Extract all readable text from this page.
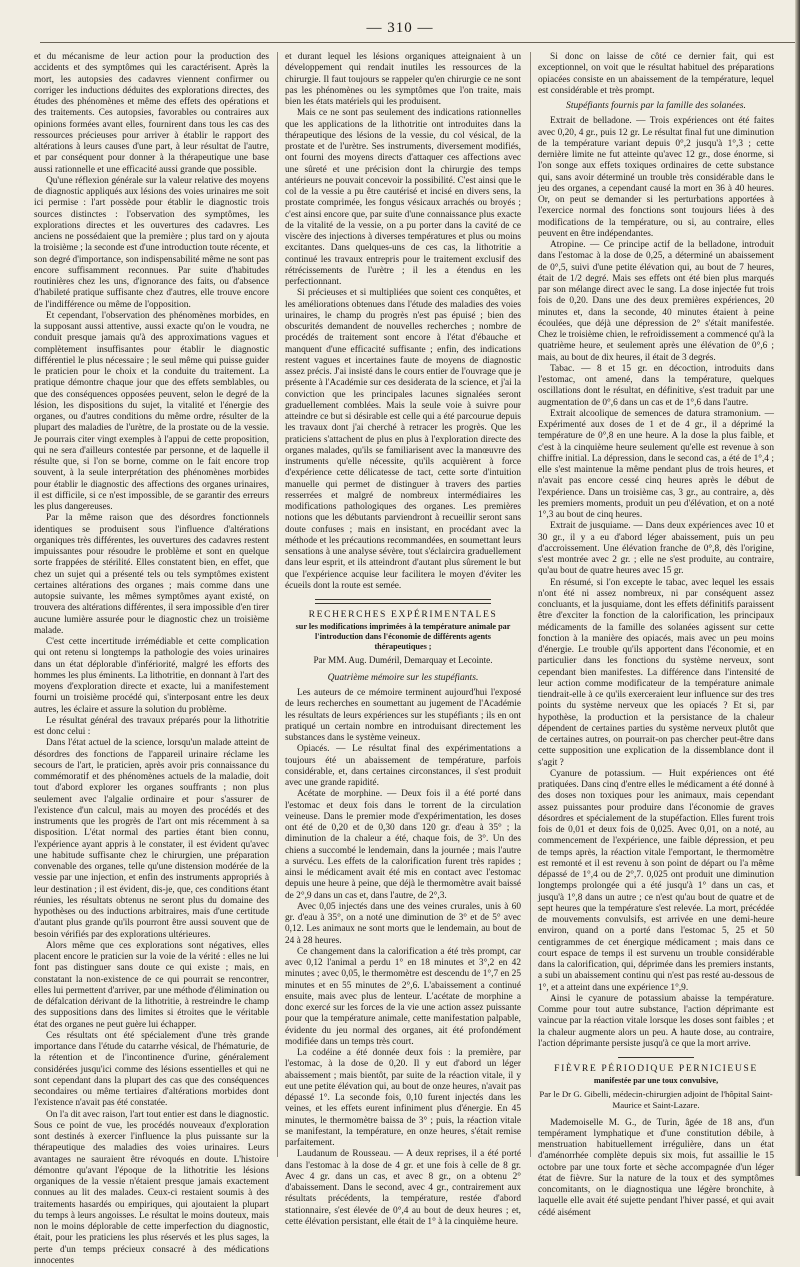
— 310 —

et du mécanisme de leur action pour la production des accidents et des symptômes qui les caractérisent. Après la mort, les autopsies des cadavres viennent confirmer ou corriger les inductions déduites des explorations directes, des études des phénomènes et même des effets des opérations et des traitements. Ces autopsies, favorables ou contraires aux opinions formées avant elles, fournirent dans tous les cas des ressources précieuses pour arriver à établir le rapport des altérations à leurs causes d'une part, à leur résultat de l'autre, et par conséquent pour donner à la thérapeutique une base aussi rationnelle et une efficacité aussi grande que possible.

Qu'une réflexion générale sur la valeur relative des moyens de diagnostic appliqués aux lésions des voies urinaires me soit ici permise : l'art possède pour établir le diagnostic trois sources distinctes : l'observation des symptômes, les explorations directes et les ouvertures des cadavres. Les anciens ne possédaient que la première ; plus tard on y ajouta la troisième ; la seconde est d'une introduction toute récente, et son degré d'importance, son indispensabilité même ne sont pas encore suffisamment reconnues. Par suite d'habitudes routinières chez les uns, d'ignorance des faits, ou d'absence d'habileté pratique suffisante chez d'autres, elle trouve encore de l'indifférence ou même de l'opposition.

Et cependant, l'observation des phénomènes morbides, en la supposant aussi attentive, aussi exacte qu'on le voudra, ne conduit presque jamais qu'à des approximations vagues et complètement insuffisantes pour établir le diagnostic différentiel le plus nécessaire ; le seul même qui puisse guider le praticien pour le choix et la conduite du traitement. La pratique démontre chaque jour que des effets semblables, ou que des conséquences opposées peuvent, selon le degré de la lésion, les dispositions du sujet, la vitalité et l'énergie des organes, ou d'autres conditions du même ordre, résulter de la plupart des maladies de l'urètre, de la prostate ou de la vessie. Je pourrais citer vingt exemples à l'appui de cette proposition, qui ne sera d'ailleurs contestée par personne, et de laquelle il résulte que, si l'on se borne, comme on le fait encore trop souvent, à la seule interprétation des phénomènes morbides pour établir le diagnostic des affections des organes urinaires, il est difficile, si ce n'est impossible, de se garantir des erreurs les plus dangereuses.

Par la même raison que des désordres fonctionnels identiques se produisent sous l'influence d'altérations organiques très différentes, les ouvertures des cadavres restent impuissantes pour résoudre le problème et sont en quelque sorte frappées de stérilité. Elles constatent bien, en effet, que chez un sujet qui a présenté tels ou tels symptômes existent certaines altérations des organes ; mais comme dans une autopsie suivante, les mêmes symptômes ayant existé, on trouvera des altérations différentes, il sera impossible d'en tirer aucune lumière assurée pour le diagnostic chez un troisième malade.

C'est cette incertitude irrémédiable et cette complication qui ont retenu si longtemps la pathologie des voies urinaires dans un état déplorable d'infériorité, malgré les efforts des hommes les plus éminents. La lithotritie, en donnant à l'art des moyens d'exploration directe et exacte, lui a manifestement fourni un troisième procédé qui, s'interposant entre les deux autres, les éclaire et assure la solution du problème.

Le résultat général des travaux préparés pour la lithotritie est donc celui :

Dans l'état actuel de la science, lorsqu'un malade atteint de désordres des fonctions de l'appareil urinaire réclame les secours de l'art, le praticien, après avoir pris connaissance du commémoratif et des phénomènes actuels de la maladie, doit tout d'abord explorer les organes souffrants ; non plus seulement avec l'algalie ordinaire et pour s'assurer de l'existence d'un calcul, mais au moyen des procédés et des instruments que les progrès de l'art ont mis récemment à sa disposition. L'état normal des parties étant bien connu, l'expérience ayant appris à le constater, il est évident qu'avec une habitude suffisante chez le chirurgien, une préparation convenable des organes, telle qu'une distension modérée de la vessie par une injection, et enfin des instruments appropriés à leur destination ; il est évident, dis-je, que, ces conditions étant réunies, les résultats obtenus ne seront plus du domaine des hypothèses ou des inductions arbitraires, mais d'une certitude d'autant plus grande qu'ils pourront être aussi souvent que de besoin vérifiés par des explorations ultérieures.

Alors même que ces explorations sont négatives, elles placent encore le praticien sur la voie de la vérité : elles ne lui font pas distinguer sans doute ce qui existe ; mais, en constatant la non-existence de ce qui pourrait se rencontrer, elles lui permettent d'arriver, par une méthode d'élimination ou de défalcation dérivant de la lithotritie, à restreindre le champ des suppositions dans des limites si étroites que le véritable état des organes ne peut guère lui échapper.

Ces résultats ont été spécialement d'une très grande importance dans l'étude du catarrhe vésical, de l'hématurie, de la rétention et de l'incontinence d'urine, généralement considérées jusqu'ici comme des lésions essentielles et qui ne sont cependant dans la plupart des cas que des conséquences secondaires ou même tertiaires d'altérations morbides dont l'existence n'avait pas été constatée.

On l'a dit avec raison, l'art tout entier est dans le diagnostic. Sous ce point de vue, les procédés nouveaux d'exploration sont destinés à exercer l'influence la plus puissante sur la thérapeutique des maladies des voies urinaires. Leurs avantages ne sauraient être révoqués en doute. L'histoire démontre qu'avant l'époque de la lithotritie les lésions organiques de la vessie n'étaient presque jamais exactement connues au lit des malades. Ceux-ci restaient soumis à des traitements hasardés ou empiriques, qui ajoutaient la plupart du temps à leurs angoisses. Le résultat le moins douteux, mais non le moins déplorable de cette imperfection du diagnostic, était, pour les praticiens les plus réservés et les plus sages, la perte d'un temps précieux consacré à des médications innocentes

et durant lequel les lésions organiques atteignaient à un développement qui rendait inutiles les ressources de la chirurgie. Il faut toujours se rappeler qu'en chirurgie ce ne sont pas les phénomènes ou les symptômes que l'on traite, mais bien les états matériels qui les produisent.

Mais ce ne sont pas seulement des indications rationnelles que les applications de la lithotritie ont introduites dans la thérapeutique des lésions de la vessie, du col vésical, de la prostate et de l'urètre. Ses instruments, diversement modifiés, ont fourni des moyens directs d'attaquer ces affections avec une sûreté et une précision dont la chirurgie des temps antérieurs ne pouvait concevoir la possibilité. C'est ainsi que le col de la vessie a pu être cautérisé et incisé en divers sens, la prostate comprimée, les fongus vésicaux arrachés ou broyés ; c'est ainsi encore que, par suite d'une connaissance plus exacte de la vitalité de la vessie, on a pu porter dans la cavité de ce viscère des injections à diverses températures et plus ou moins excitantes. Dans quelques-uns de ces cas, la lithotritie a continué les travaux entrepris pour le traitement exclusif des rétrécissements de l'urètre ; il les a étendus en les perfectionnant.

Si précieuses et si multipliées que soient ces conquêtes, et les améliorations obtenues dans l'étude des maladies des voies urinaires, le champ du progrès n'est pas épuisé ; bien des obscurités demandent de nouvelles recherches ; nombre de procédés de traitement sont encore à l'état d'ébauche et manquent d'une efficacité suffisante ; enfin, des indications restent vagues et incertaines faute de moyens de diagnostic assez précis. J'ai insisté dans le cours entier de l'ouvrage que je présente à l'Académie sur ces desiderata de la science, et j'ai la conviction que les principales lacunes signalées seront graduellement comblées. Mais la seule voie à suivre pour atteindre ce but si désirable est celle qui a été parcourue depuis les travaux dont j'ai cherché à retracer les progrès. Que les praticiens s'attachent de plus en plus à l'exploration directe des organes malades, qu'ils se familiarisent avec la manœuvre des instruments qu'elle nécessite, qu'ils acquièrent à force d'expérience cette délicatesse de tact, cette sorte d'intuition manuelle qui permet de distinguer à travers des parties resserrées et malgré de nombreux intermédiaires les modifications pathologiques des organes. Les premières notions que les débutants parviendront à recueillir seront sans doute confuses ; mais en insistant, en procédant avec la méthode et les précautions recommandées, en soumettant leurs sensations à une analyse sévère, tout s'éclaircira graduellement dans leur esprit, et ils atteindront d'autant plus sûrement le but que l'expérience acquise leur facilitera le moyen d'éviter les écueils dont la route est semée.

RECHERCHES EXPÉRIMENTALES
sur les modifications imprimées à la température animale par l'introduction dans l'économie de différents agents thérapeutiques ;
Par MM. Aug. Duméril, Demarquay et Lecointe.
Quatrième mémoire sur les stupéfiants.

Les auteurs de ce mémoire terminent aujourd'hui l'exposé de leurs recherches en soumettant au jugement de l'Académie les résultats de leurs expériences sur les stupéfiants ; ils en ont pratiqué un certain nombre en introduisant directement les substances dans le système veineux.

Opiacés. — Le résultat final des expérimentations a toujours été un abaissement de température, parfois considérable, et, dans certaines circonstances, il s'est produit avec une grande rapidité.

Acétate de morphine. — Deux fois il a été porté dans l'estomac et deux fois dans le torrent de la circulation veineuse. Dans le premier mode d'expérimentation, les doses ont été de 0,20 et de 0,30 dans 120 gr. d'eau à 35° ; la diminution de la chaleur a été, chaque fois, de 3°. Un des chiens a succombé le lendemain, dans la journée ; mais l'autre a survécu. Les effets de la calorification furent très rapides ; ainsi le médicament avait été mis en contact avec l'estomac depuis une heure à peine, que déjà le thermomètre avait baissé de 2°,9 dans un cas et, dans l'autre, de 2°,3.

Avec 0,05 injectés dans une des veines crurales, unis à 60 gr. d'eau à 35°, on a noté une diminution de 3° et de 5° avec 0,12. Les animaux ne sont morts que le lendemain, au bout de 24 à 28 heures.

Ce changement dans la calorification a été très prompt, car avec 0,12 l'animal a perdu 1° en 18 minutes et 3°,2 en 42 minutes ; avec 0,05, le thermomètre est descendu de 1°,7 en 25 minutes et en 55 minutes de 2°,6. L'abaissement a continué ensuite, mais avec plus de lenteur. L'acétate de morphine a donc exercé sur les forces de la vie une action assez puissante pour que la température animale, cette manifestation palpable, évidente du jeu normal des organes, ait été profondément modifiée dans un temps très court.

La codéine a été donnée deux fois : la première, par l'estomac, à la dose de 0,20. Il y eut d'abord un léger abaissement ; mais bientôt, par suite de la réaction vitale, il y eut une petite élévation qui, au bout de onze heures, n'avait pas dépassé 1°. La seconde fois, 0,10 furent injectés dans les veines, et les effets eurent infiniment plus d'énergie. En 45 minutes, le thermomètre baissa de 3° ; puis, la réaction vitale se manifestant, la température, en onze heures, s'était remise parfaitement.

Laudanum de Rousseau. — A deux reprises, il a été porté dans l'estomac à la dose de 4 gr. et une fois à celle de 8 gr. Avec 4 gr. dans un cas, et avec 8 gr., on a obtenu 2° d'abaissement. Dans le second, avec 4 gr., contrairement aux résultats précédents, la température, restée d'abord stationnaire, s'est élevée de 0°,4 au bout de deux heures ; et, cette élévation persistant, elle était de 1° à la cinquième heure.

Si donc on laisse de côté ce dernier fait, qui est exceptionnel, on voit que le résultat habituel des préparations opiacées consiste en un abaissement de la température, lequel est considérable et très prompt.

Stupéfiants fournis par la famille des solanées.

Extrait de belladone. — Trois expériences ont été faites avec 0,20, 4 gr., puis 12 gr. Le résultat final fut une diminution de la température variant depuis 0°,2 jusqu'à 1°,3 ; cette dernière limite ne fut atteinte qu'avec 12 gr., dose énorme, si l'on songe aux effets toxiques ordinaires de cette substance qui, sans avoir déterminé un trouble très considérable dans le jeu des organes, a cependant causé la mort en 36 à 40 heures. Or, on peut se demander si les perturbations apportées à l'exercice normal des fonctions sont toujours liées à des modifications de la température, ou si, au contraire, elles peuvent en être indépendantes.

Atropine. — Ce principe actif de la belladone, introduit dans l'estomac à la dose de 0,25, a déterminé un abaissement de 0°,5, suivi d'une petite élévation qui, au bout de 7 heures, était de 1/2 degré. Mais ses effets ont été bien plus marqués par son mélange direct avec le sang. La dose injectée fut trois fois de 0,20. Dans une des deux premières expériences, 20 minutes et, dans la seconde, 40 minutes étaient à peine écoulées, que déjà une dépression de 2° s'était manifestée. Chez le troisième chien, le refroidissement a commencé qu'à la quatrième heure, et seulement après une élévation de 0°,6 ; mais, au bout de dix heures, il était de 3 degrés.

Tabac. — 8 et 15 gr. en décoction, introduits dans l'estomac, ont amené, dans la température, quelques oscillations dont le résultat, en définitive, s'est traduit par une augmentation de 0°,6 dans un cas et de 1°,6 dans l'autre.

Extrait alcoolique de semences de datura stramonium. — Expérimenté aux doses de 1 et de 4 gr., il a déprimé la température de 0°,8 en une heure. A la dose la plus faible, et c'est à la cinquième heure seulement qu'elle est revenue à son chiffre initial. La dépression, dans le second cas, a été de 1°,4 ; elle s'est maintenue la même pendant plus de trois heures, et n'avait pas encore cessé cinq heures après le début de l'expérience. Dans un troisième cas, 3 gr., au contraire, a, dès les premiers moments, produit un peu d'élévation, et on a noté 1°,3 au bout de cinq heures.

Extrait de jusquiame. — Dans deux expériences avec 10 et 30 gr., il y a eu d'abord léger abaissement, puis un peu d'accroissement. Une élévation franche de 0°,8, dès l'origine, s'est montrée avec 2 gr. ; elle ne s'est produite, au contraire, qu'au bout de quatre heures avec 15 gr.

En résumé, si l'on excepte le tabac, avec lequel les essais n'ont été ni assez nombreux, ni par conséquent assez concluants, et la jusquiame, dont les effets définitifs paraissent être d'exciter la fonction de la calorification, les principaux médicaments de la famille des solanées agissent sur cette fonction à la manière des opiacés, mais avec un peu moins d'énergie. Le trouble qu'ils apportent dans l'économie, et en particulier dans les fonctions du système nerveux, sont cependant bien manifestes. La différence dans l'intensité de leur action comme modificateur de la température animale tiendrait-elle à ce qu'ils exerceraient leur influence sur des tres points du système nerveux que les opiacés ? Et si, par hypothèse, la production et la persistance de la chaleur dépendent de certaines parties du système nerveux plutôt que de certaines autres, on pourrait-on pas chercher peut-être dans cette supposition une explication de la dissemblance dont il s'agit ?

Cyanure de potassium. — Huit expériences ont été pratiquées. Dans cinq d'entre elles le médicament a été donné à des doses non toxiques pour les animaux, mais cependant assez puissantes pour produire dans l'économie de graves désordres et spécialement de la stupéfaction. Elles furent trois fois de 0,01 et deux fois de 0,025. Avec 0,01, on a noté, au commencement de l'expérience, une faible dépression, et peu de temps après, la réaction vitale l'emportant, le thermomètre est remonté et il est revenu à son point de départ ou l'a même dépassé de 1°,4 ou de 2°,7. 0,025 ont produit une diminution longtemps prolongée qui a été jusqu'à 1° dans un cas, et jusqu'à 1°,8 dans un autre ; ce n'est qu'au bout de quatre et de sept heures que la température s'est relevée. La mort, précédée de mouvements convulsifs, est arrivée en une demi-heure environ, quand on a porté dans l'estomac 5, 25 et 50 centigrammes de cet énergique médicament ; mais dans ce court espace de temps il est survenu un trouble considérable dans la calorification, qui, déprimée dans les premiers instants, a subi un abaissement continu qui n'est pas resté au-dessous de 1°, et a atteint dans une expérience 1°,9.

Ainsi le cyanure de potassium abaisse la température. Comme pour tout autre substance, l'action déprimante est vaincue par la réaction vitale lorsque les doses sont faibles ; et la chaleur augmente alors un peu. A haute dose, au contraire, l'action déprimante persiste jusqu'à ce que la mort arrive.

FIÈVRE PÉRIODIQUE PERNICIEUSE
manifestée par une toux convulsive,
Par le Dr G. Gibelli, médecin-chirurgien adjoint de l'hôpital Saint-Maurice et Saint-Lazare.

Mademoiselle M. G., de Turin, âgée de 18 ans, d'un tempérament lymphatique et d'une constitution débile, à menstruation habituellement irrégulière, dans un état d'aménorrhée complète depuis six mois, fut assaillie le 15 octobre par une toux forte et sèche accompagnée d'un léger état de fièvre. Sur la nature de la toux et des symptômes concomitants, on le diagnostiqua une légère bronchite, à laquelle elle avait été sujette pendant l'hiver passé, et qui avait cédé aisément
